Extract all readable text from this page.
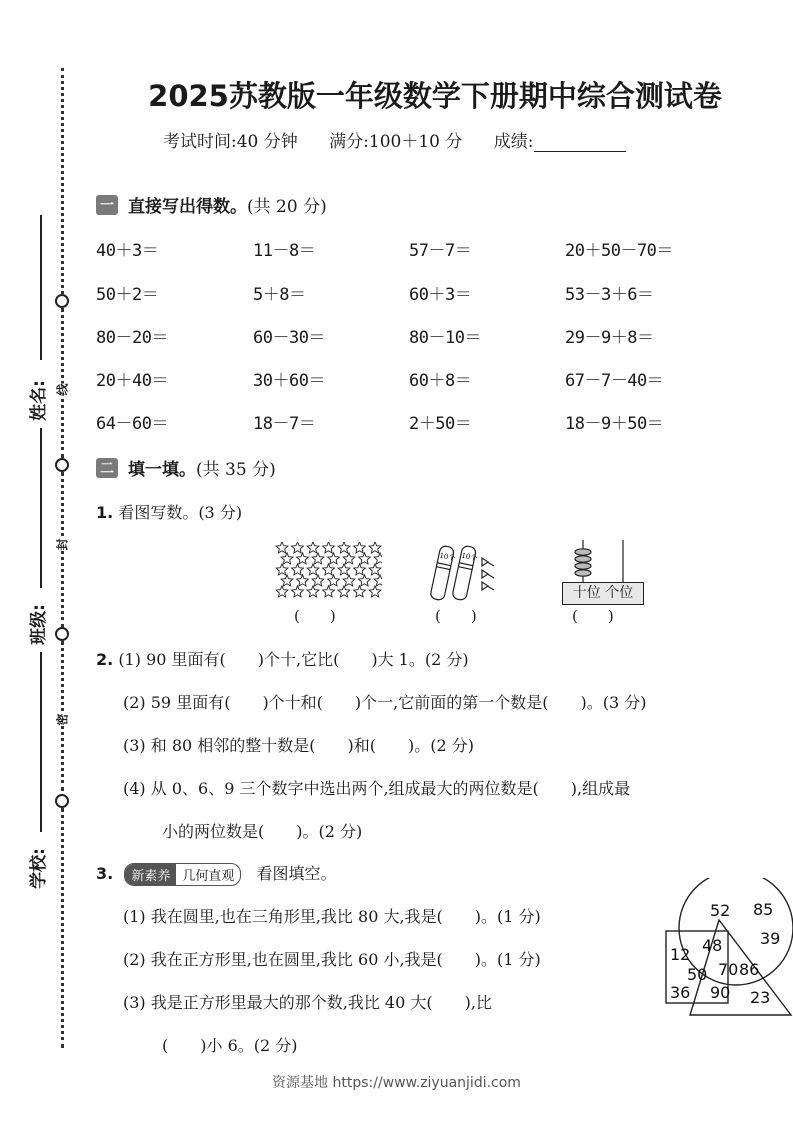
线
封
密
姓名:
班级:
学校:
2025苏教版一年级数学下册期中综合测试卷
考试时间:40 分钟 满分:100＋10 分 成绩:
一 直接写出得数。 (共 20 分)
40＋3＝	11－8＝	57－7＝	20＋50－70＝
50＋2＝	5＋8＝	60＋3＝	53－3＋6＝
80－20＝	60－30＝	80－10＝	29－9＋8＝
20＋40＝	30＋60＝	60＋8＝	67－7－40＝
64－60＝	18－7＝	2＋50＝	18－9＋50＝
二 填一填。 (共 35 分)
1. 看图写数。(3 分)
(　　)
10个 10个
(　　)
十位 个位
(　　)
2. (1) 90 里面有(　　)个十,它比(　　)大 1。(2 分)
(2) 59 里面有(　　)个十和(　　)个一,它前面的第一个数是(　　)。(3 分)
(3) 和 80 相邻的整十数是(　　)和(　　)。(2 分)
(4) 从 0、6、9 三个数字中选出两个,组成最大的两位数是(　　),组成最
小的两位数是(　　)。(2 分)
3.	新素养 几何直观	看图填空。
(1) 我在圆里,也在三角形里,我比 80 大,我是(　　)。(1 分)
(2) 我在正方形里,也在圆里,我比 60 小,我是(　　)。(1 分)
(3) 我是正方形里最大的那个数,我比 40 大(　　),比
(　　)小 6。(2 分)
52 85
39
12 48
50 70 86
36 90 23
资源基地 https://www.ziyuanjidi.com
